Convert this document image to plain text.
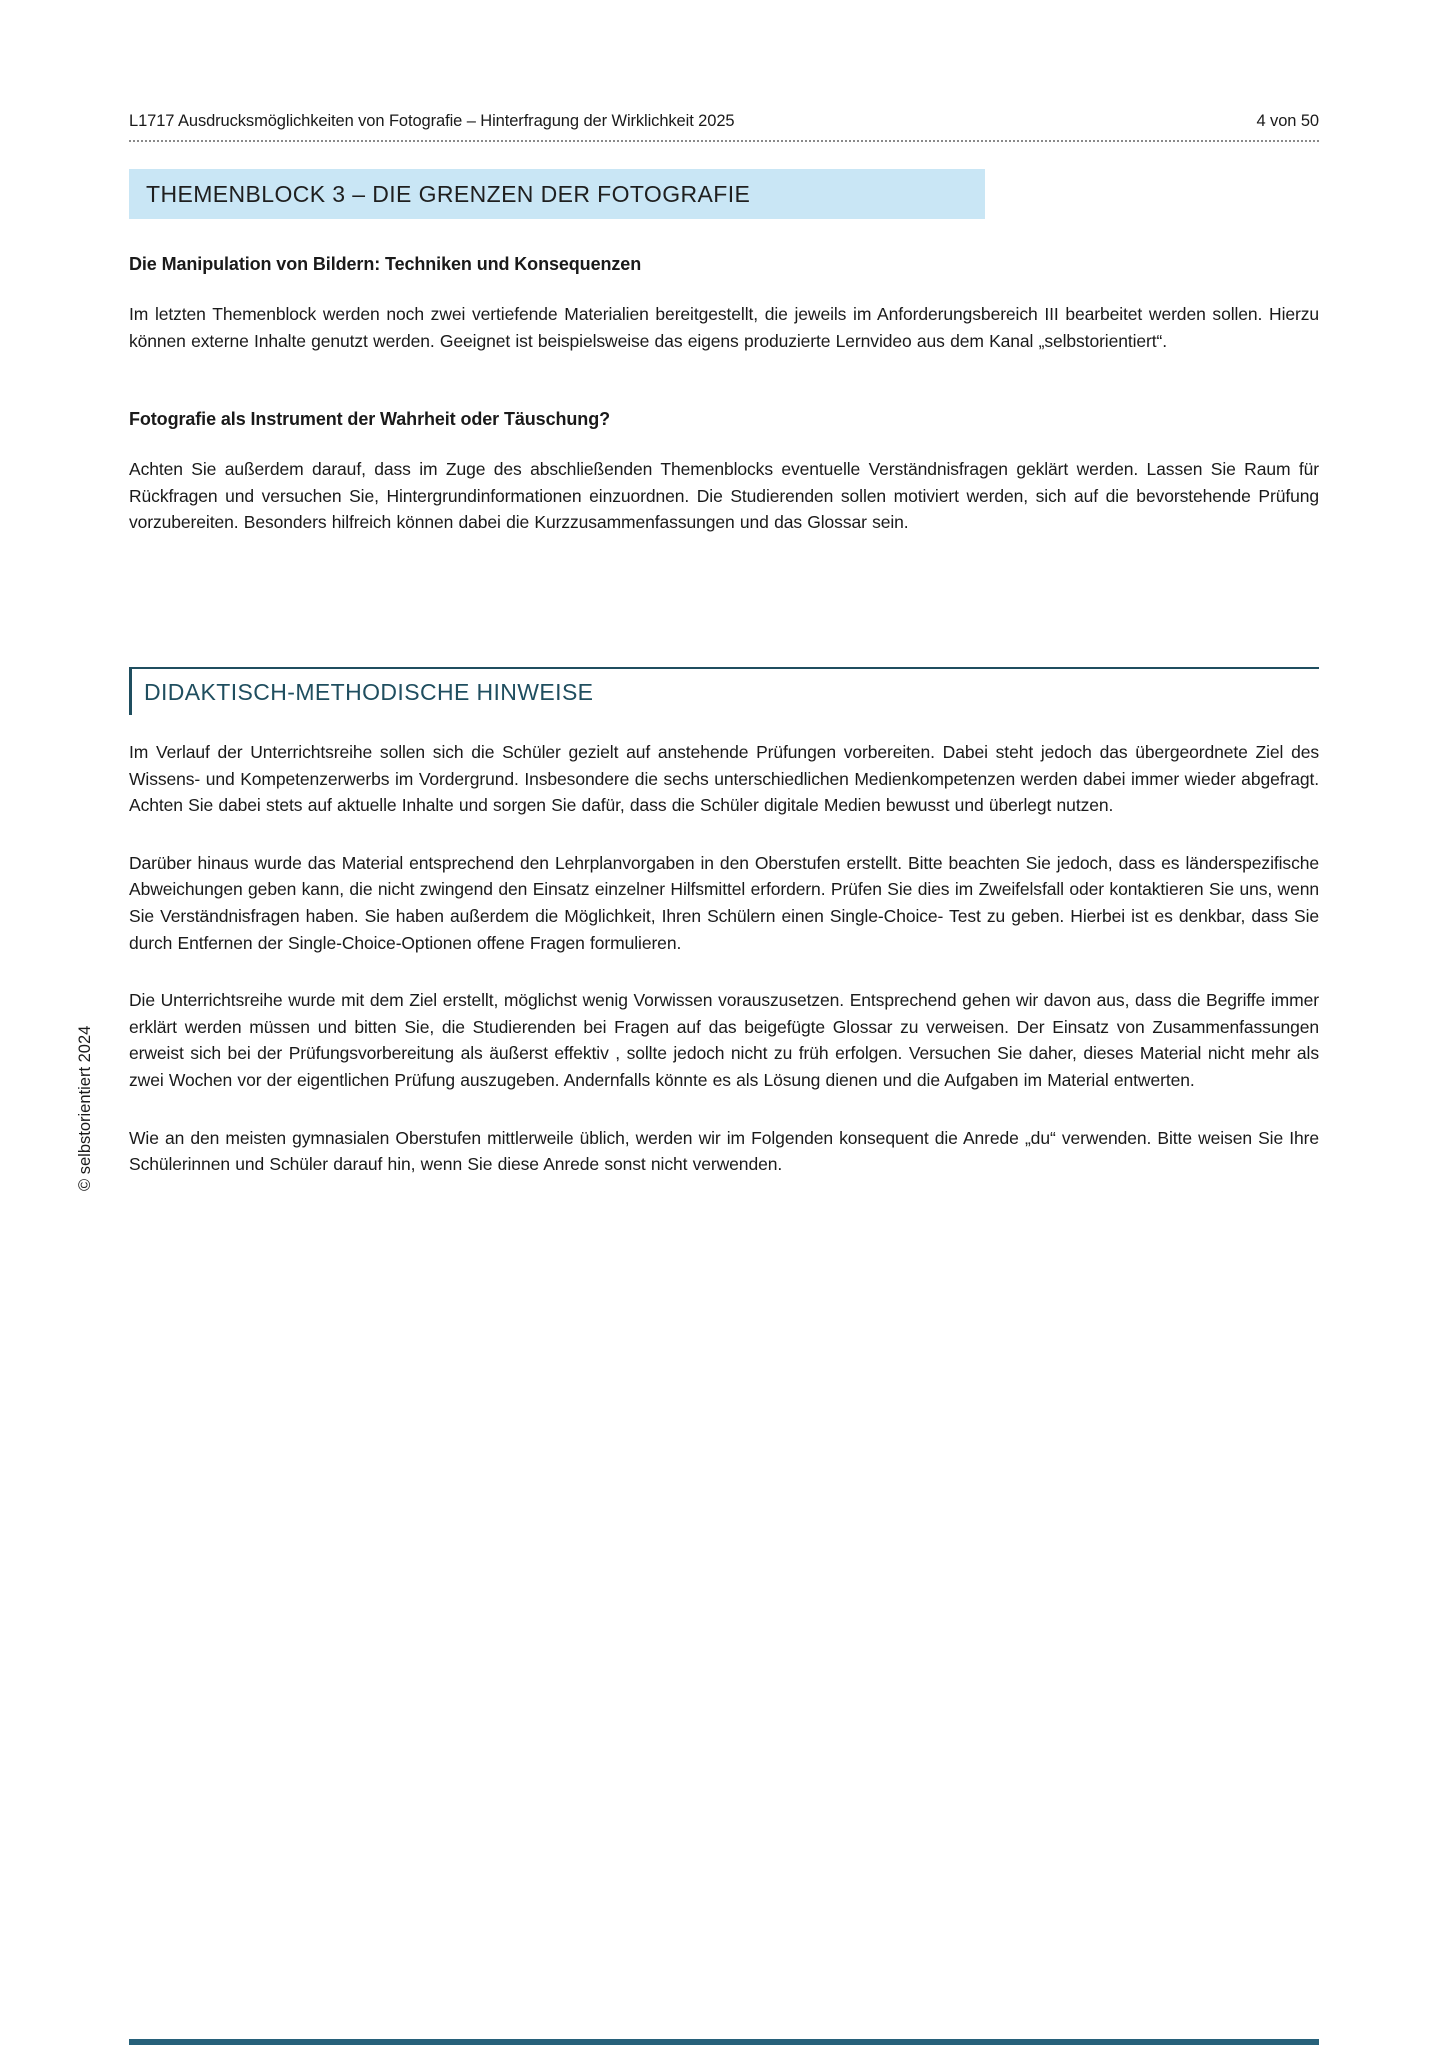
L1717 Ausdrucksmöglichkeiten von Fotografie – Hinterfragung der Wirklichkeit 2025	4 von 50
THEMENBLOCK 3 – DIE GRENZEN DER FOTOGRAFIE
Die Manipulation von Bildern: Techniken und Konsequenzen
Im letzten Themenblock werden noch zwei vertiefende Materialien bereitgestellt, die jeweils im Anforderungsbereich III bearbeitet werden sollen. Hierzu können externe Inhalte genutzt werden. Geeignet ist beispielsweise das eigens produzierte Lernvideo aus dem Kanal „selbstorientiert“.
Fotografie als Instrument der Wahrheit oder Täuschung?
Achten Sie außerdem darauf, dass im Zuge des abschließenden Themenblocks eventuelle Verständnisfragen geklärt werden. Lassen Sie Raum für Rückfragen und versuchen Sie, Hintergrundinformationen einzuordnen. Die Studierenden sollen motiviert werden, sich auf die bevorstehende Prüfung vorzubereiten. Besonders hilfreich können dabei die Kurzzusammenfassungen und das Glossar sein.
DIDAKTISCH-METHODISCHE HINWEISE
Im Verlauf der Unterrichtsreihe sollen sich die Schüler gezielt auf anstehende Prüfungen vorbereiten. Dabei steht jedoch das übergeordnete Ziel des Wissens- und Kompetenzerwerbs im Vordergrund. Insbesondere die sechs unterschiedlichen Medienkompetenzen werden dabei immer wieder abgefragt. Achten Sie dabei stets auf aktuelle Inhalte und sorgen Sie dafür, dass die Schüler digitale Medien bewusst und überlegt nutzen.
Darüber hinaus wurde das Material entsprechend den Lehrplanvorgaben in den Oberstufen erstellt. Bitte beachten Sie jedoch, dass es länderspezifische Abweichungen geben kann, die nicht zwingend den Einsatz einzelner Hilfsmittel erfordern. Prüfen Sie dies im Zweifelsfall oder kontaktieren Sie uns, wenn Sie Verständnisfragen haben. Sie haben außerdem die Möglichkeit, Ihren Schülern einen Single-Choice- Test zu geben. Hierbei ist es denkbar, dass Sie durch Entfernen der Single-Choice-Optionen offene Fragen formulieren.
Die Unterrichtsreihe wurde mit dem Ziel erstellt, möglichst wenig Vorwissen vorauszusetzen. Entsprechend gehen wir davon aus, dass die Begriffe immer erklärt werden müssen und bitten Sie, die Studierenden bei Fragen auf das beigefügte Glossar zu verweisen. Der Einsatz von Zusammenfassungen erweist sich bei der Prüfungsvorbereitung als äußerst effektiv , sollte jedoch nicht zu früh erfolgen. Versuchen Sie daher, dieses Material nicht mehr als zwei Wochen vor der eigentlichen Prüfung auszugeben. Andernfalls könnte es als Lösung dienen und die Aufgaben im Material entwerten.
Wie an den meisten gymnasialen Oberstufen mittlerweile üblich, werden wir im Folgenden konsequent die Anrede „du“ verwenden. Bitte weisen Sie Ihre Schülerinnen und Schüler darauf hin, wenn Sie diese Anrede sonst nicht verwenden.
© selbstorientiert 2024
